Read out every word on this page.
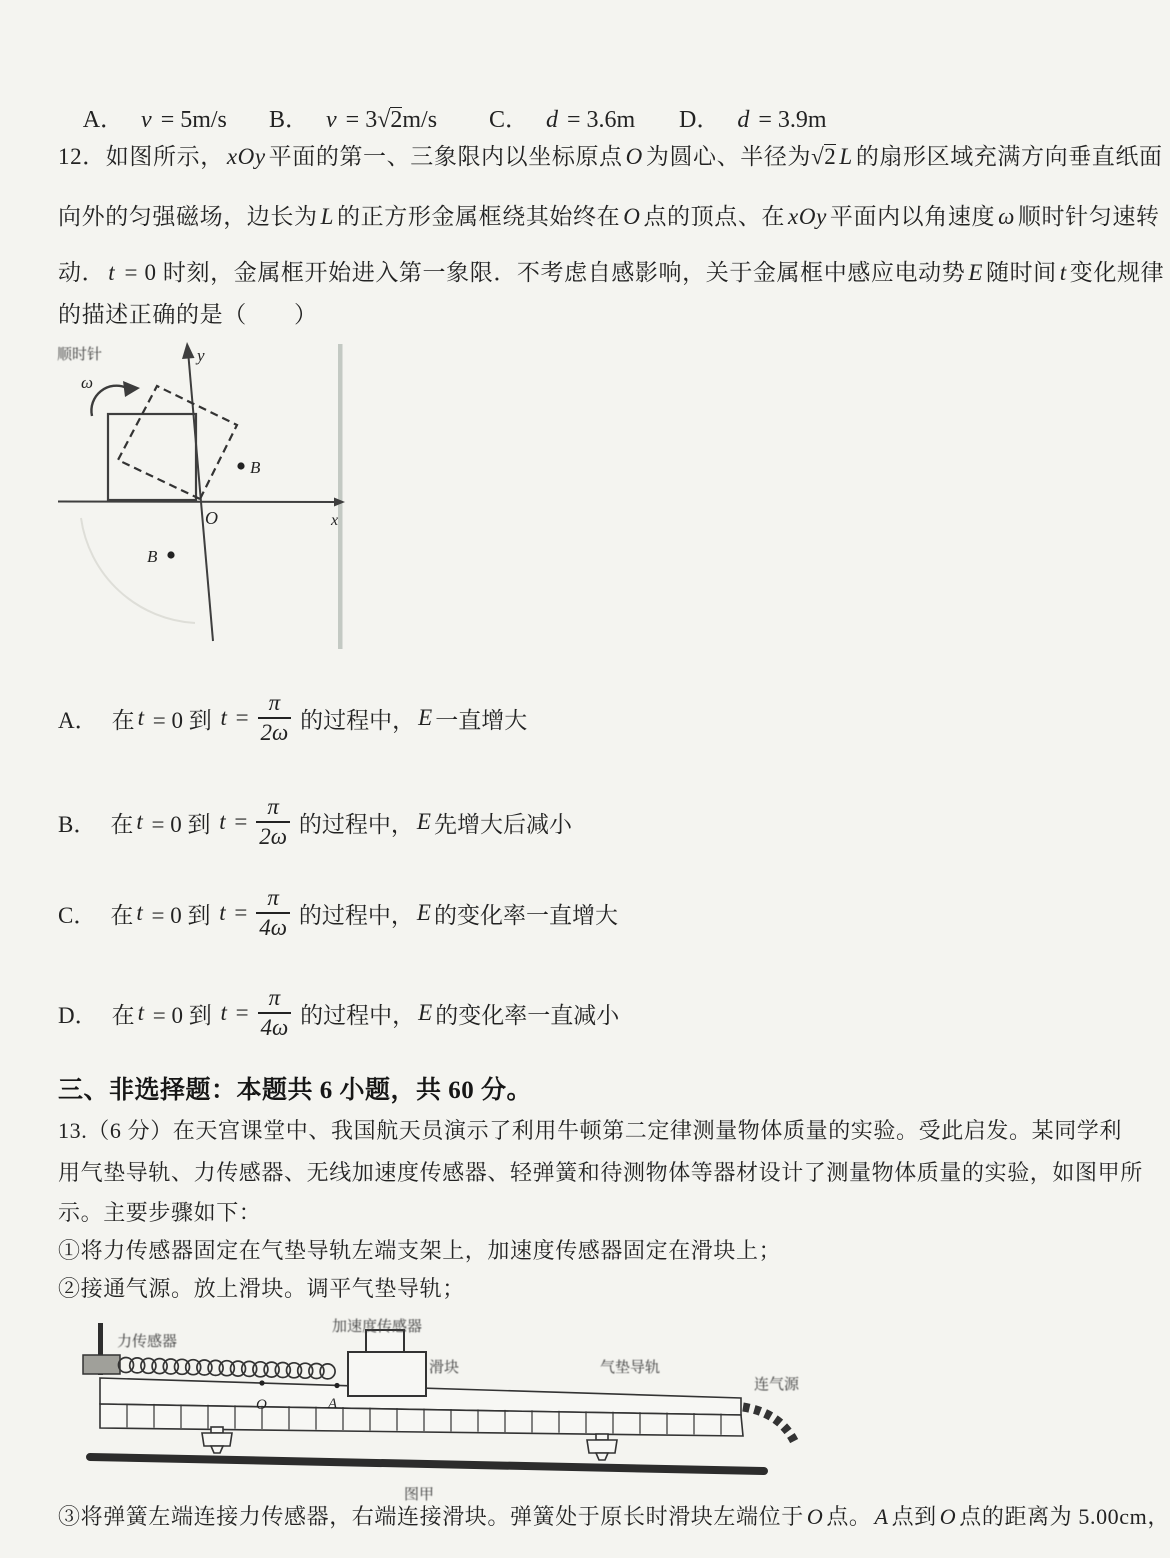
A． v = 5m/s
	B． v = 3 √ 2 m/s
	C． d = 3.6m
	D． d = 3.9m

12．如图所示， xOy 平面的第一、三象限内以坐标原点 O 为圆心、半径为 √ 2 L 的扇形区域充满方向垂直纸面
向外的匀强磁场，边长为 L 的正方形金属框绕其始终在 O 点的顶点、在 xOy 平面内以角速度 ω 顺时针匀速转
动． t = 0 时刻，金属框开始进入第一象限．不考虑自感影响，关于金属框中感应电动势 E 随时间 t 变化规律
的描述正确的是（　　）
顺时针
ω
y
x
O
B
B
A． 在 t = 0 到 $t = \frac{\pi}{2\omega}$ 的过程中， E 一直增大
B． 在 t = 0 到 $t = \frac{\pi}{2\omega}$ 的过程中， E 先增大后减小
C． 在 t = 0 到 $t = \frac{\pi}{4\omega}$ 的过程中， E 的变化率一直增大
D． 在 t = 0 到 $t = \frac{\pi}{4\omega}$ 的过程中， E 的变化率一直减小
三、非选择题：本题共 6 小题，共 60 分。
13.（6 分）在天宫课堂中、我国航天员演示了利用牛顿第二定律测量物体质量的实验。受此启发。某同学利
用气垫导轨、力传感器、无线加速度传感器、轻弹簧和待测物体等器材设计了测量物体质量的实验，如图甲所
示。主要步骤如下：
①将力传感器固定在气垫导轨左端支架上，加速度传感器固定在滑块上；
②接通气源。放上滑块。调平气垫导轨；
O	A
力传感器
加速度传感器
滑块	气垫导轨
连气源
图甲
③将弹簧左端连接力传感器，右端连接滑块。弹簧处于原长时滑块左端位于 O 点。 A 点到 O 点的距离为 5.00cm，
